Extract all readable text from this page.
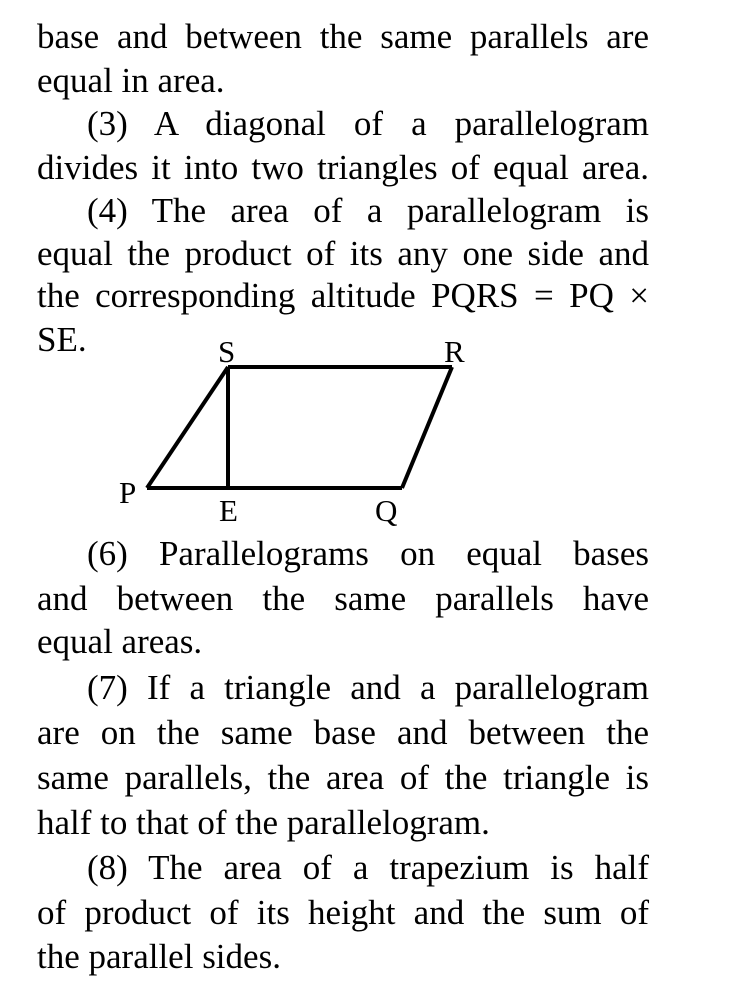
base and between the same parallels are
equal in area.
(3) A diagonal of a parallelogram
divides it into two triangles of equal area.
(4) The area of a parallelogram is
equal the product of its any one side and
the corresponding altitude PQRS = PQ ×
SE.	S	R
P
E	Q
(6) Parallelograms on equal bases
and between the same parallels have
equal areas.
(7) If a triangle and a parallelogram
are on the same base and between the
same parallels, the area of the triangle is
half to that of the parallelogram.
(8) The area of a trapezium is half
of product of its height and the sum of
the parallel sides.
